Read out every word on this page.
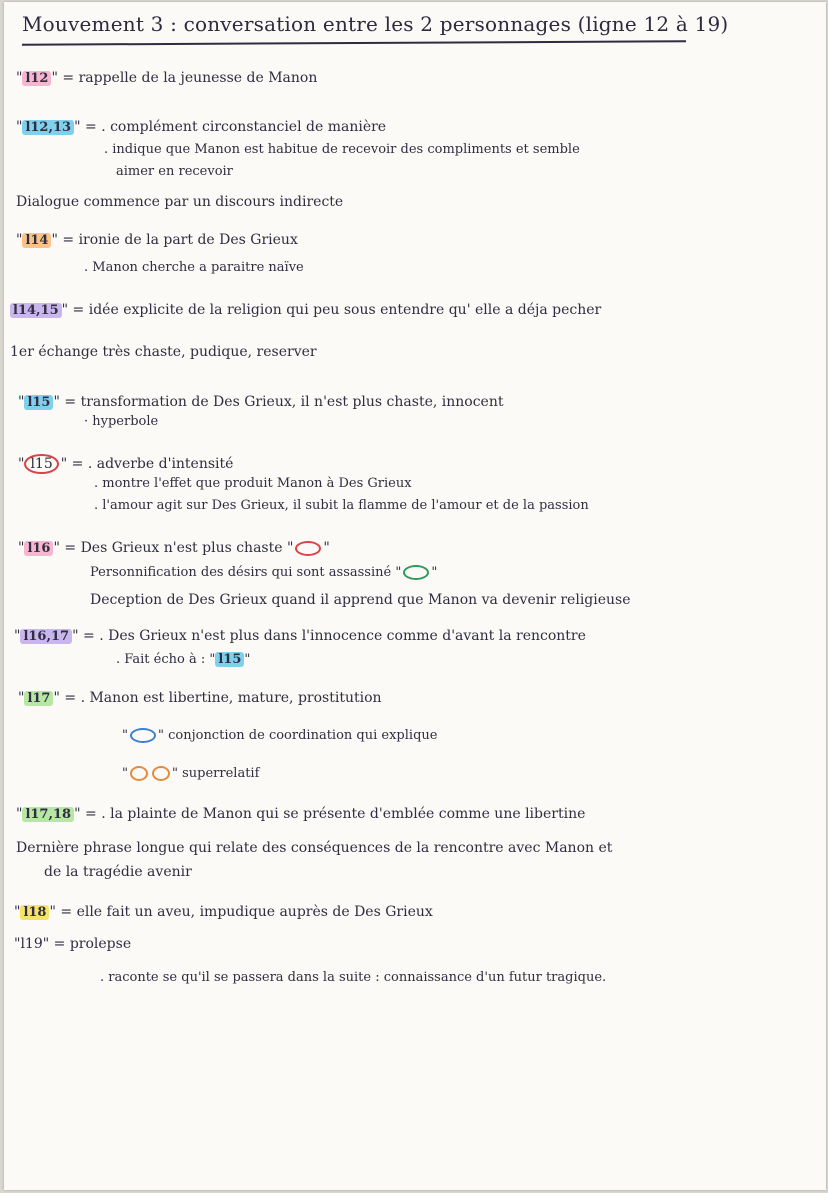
Mouvement 3 : conversation entre les 2 personnages (ligne 12 à 19)
" l12 " = rappelle de la jeunesse de Manon
" l12,13 " = . complément circonstanciel de manière
. indique que Manon est habitue de recevoir des compliments et semble
aimer en recevoir
Dialogue commence par un discours indirecte
" l14 " = ironie de la part de Des Grieux
. Manon cherche a paraitre naïve
l14,15 " = idée explicite de la religion qui peu sous entendre qu' elle a déja pecher
1er échange très chaste, pudique, reserver
" l15 " = transformation de Des Grieux, il n'est plus chaste, innocent
· hyperbole
" l15 " = . adverbe d'intensité
. montre l'effet que produit Manon à Des Grieux
. l'amour agit sur Des Grieux, il subit la flamme de l'amour et de la passion
" l16 " = Des Grieux n'est plus chaste " "
Personnification des désirs qui sont assassiné " "
Deception de Des Grieux quand il apprend que Manon va devenir religieuse
" l16,17 " = . Des Grieux n'est plus dans l'innocence comme d'avant la rencontre
. Fait écho à : " l15 "
" l17 " = . Manon est libertine, mature, prostitution
" " conjonction de coordination qui explique
"	" superrelatif
" l17,18 " = . la plainte de Manon qui se présente d'emblée comme une libertine
Dernière phrase longue qui relate des conséquences de la rencontre avec Manon et
de la tragédie avenir
" l18 " = elle fait un aveu, impudique auprès de Des Grieux
"l19" = prolepse
. raconte se qu'il se passera dans la suite : connaissance d'un futur tragique.
